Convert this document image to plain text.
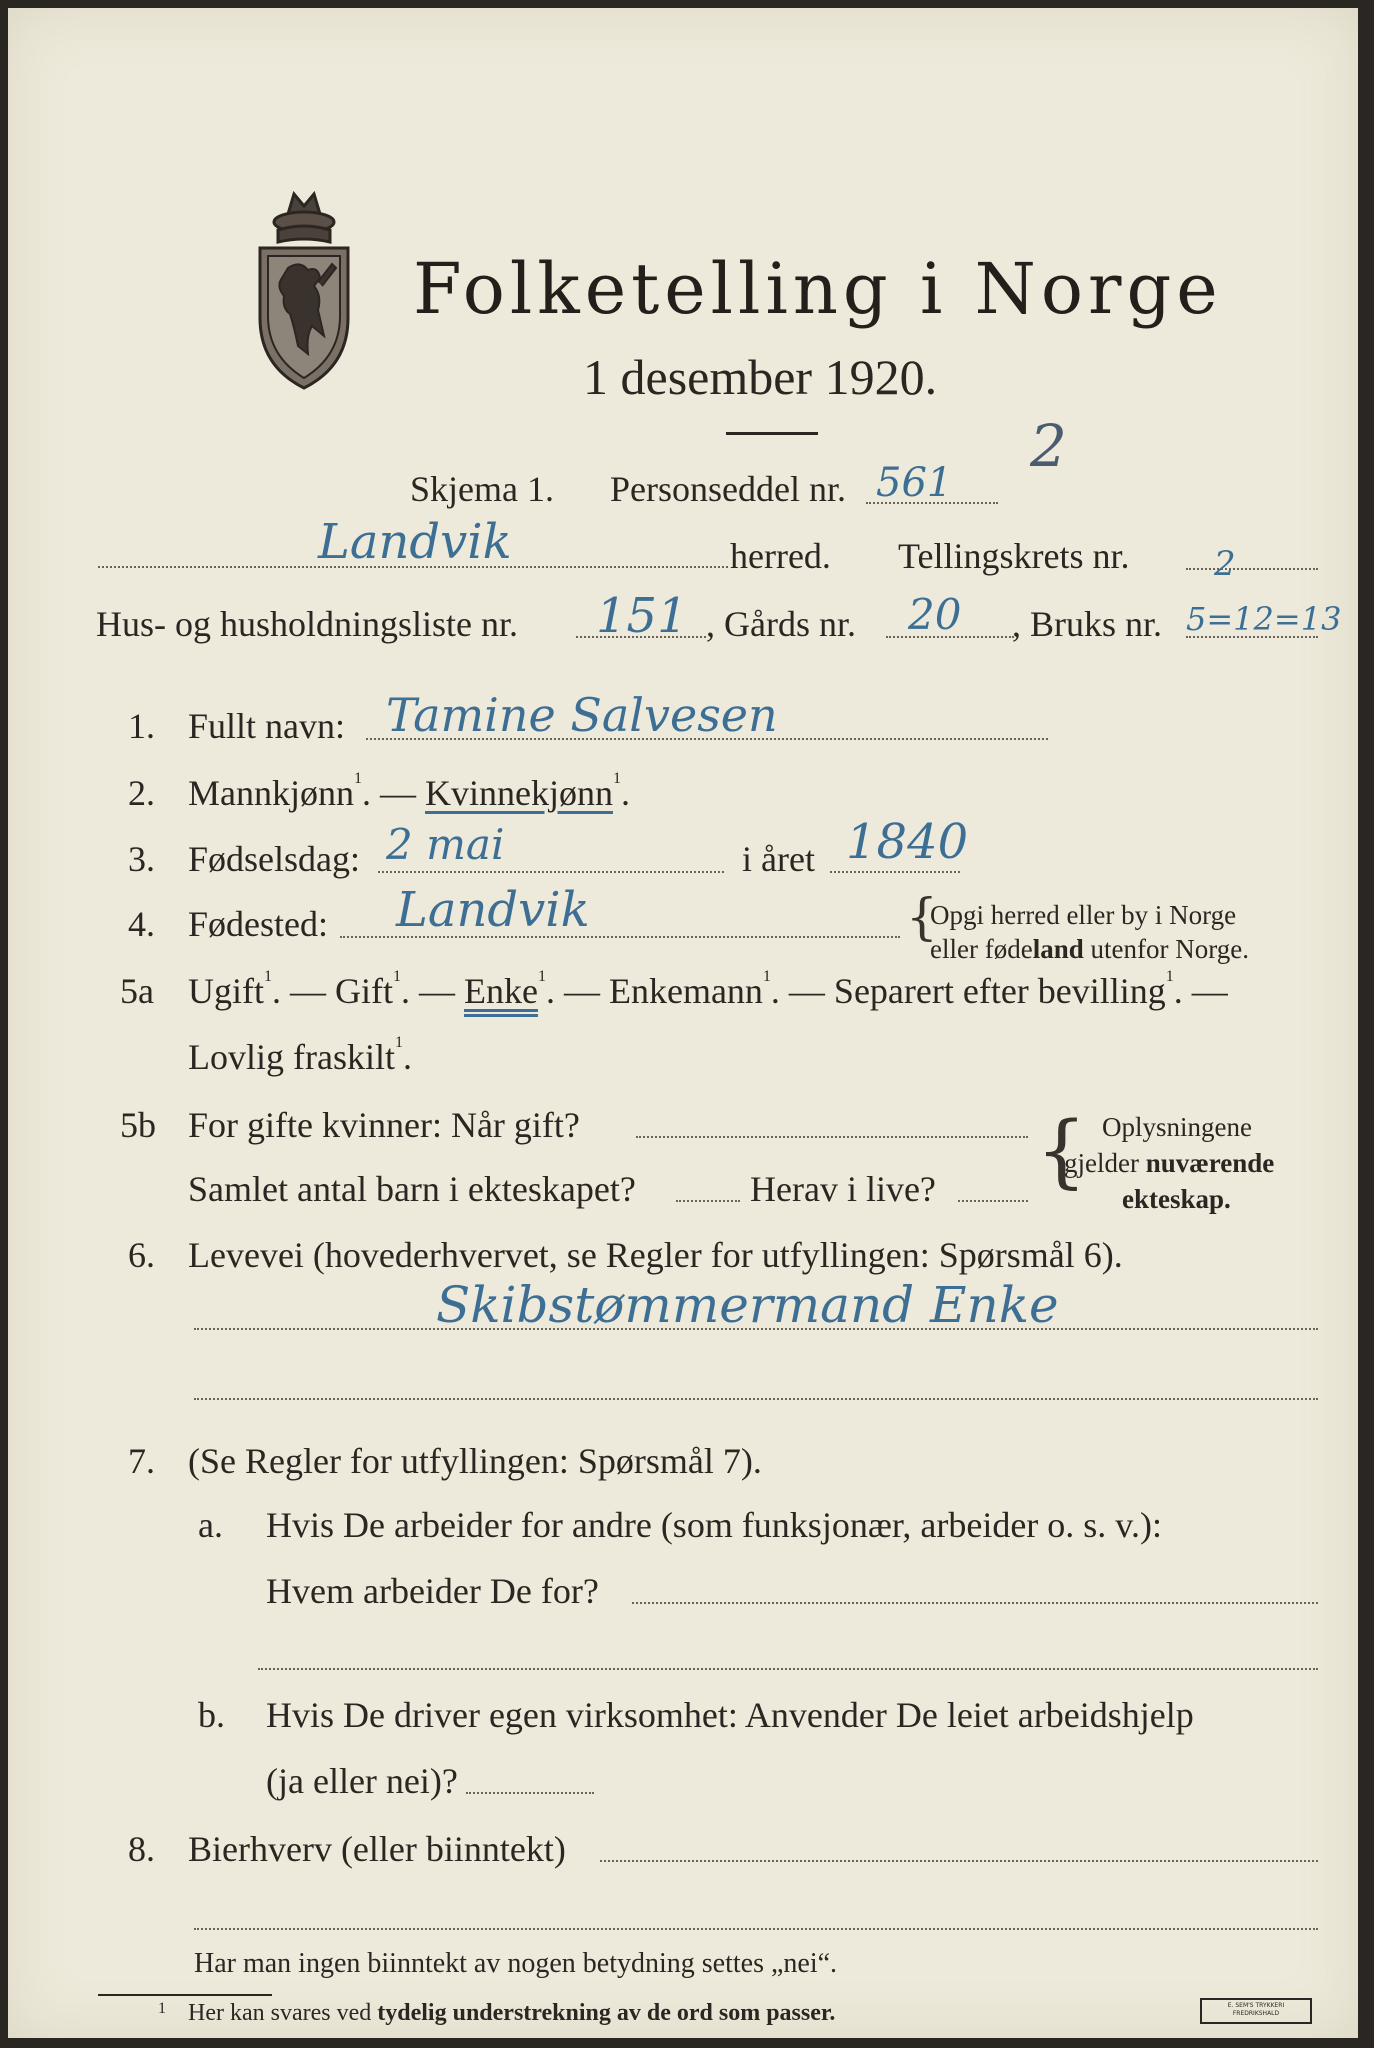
Folketelling i Norge
1 desember 1920.
Skjema 1. Personseddel nr. 561
2
Landvik	herred. Tellingskrets nr. 2
Hus- og husholdningsliste nr. 151 , Gårds nr. 20 , Bruks nr. 5=12=13
1. Fullt navn: Tamine Salvesen
2. Mannkjønn$^1$. — Kvinnekjønn$^1$.
3. Fødselsdag: 2 mai	i året 1840
4. Fødested: Landvik	{
Opgi herred eller by i Norge
eller fødeland utenfor Norge.
5a Ugift$^1$. — Gift$^1$. — Enke$^1$. — Enkemann$^1$. — Separert efter bevilling$^1$. —
Lovlig fraskilt$^1$.
5b For gifte kvinner: Når gift?
Samlet antal barn i ekteskapet?	Herav i live? { Oplysningene
gjelder nuværende
ekteskap.
6. Levevei (hovederhvervet, se Regler for utfyllingen: Spørsmål 6).
Skibstømmermand Enke
7. (Se Regler for utfyllingen: Spørsmål 7).
a. Hvis De arbeider for andre (som funksjonær, arbeider o. s. v.):
Hvem arbeider De for?
b. Hvis De driver egen virksomhet: Anvender De leiet arbeidshjelp
(ja eller nei)?
8. Bierhverv (eller biinntekt)
Har man ingen biinntekt av nogen betydning settes „nei“.
$^1$ Her kan svares ved tydelig understrekning av de ord som passer.	E. SEM'S TRYKKERI FREDRIKSHALD
